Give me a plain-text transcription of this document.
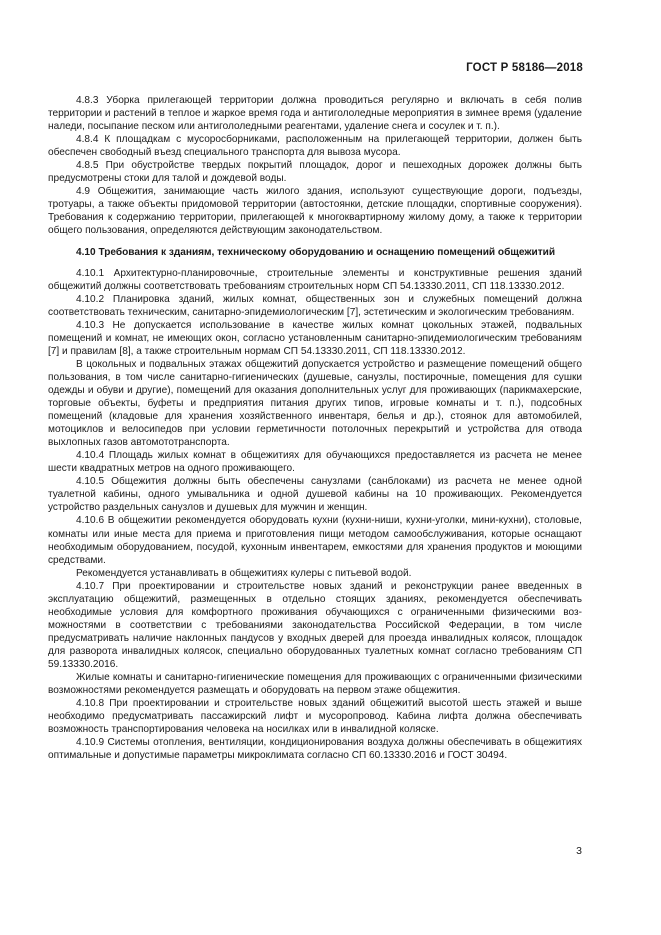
ГОСТ Р 58186—2018

4.8.3 Уборка прилегающей территории должна проводиться регулярно и включать в себя полив территории и растений в теплое и жаркое время года и антигололедные мероприятия в зимнее время (удаление наледи, посыпание песком или антигололедными реагентами, удаление снега и сосулек и т. п.).

4.8.4 К площадкам с мусоросборниками, расположенным на прилегающей территории, должен быть обеспечен свободный въезд специального транспорта для вывоза мусора.

4.8.5 При обустройстве твердых покрытий площадок, дорог и пешеходных дорожек должны быть предусмотрены стоки для талой и дождевой воды.

4.9 Общежития, занимающие часть жилого здания, используют существующие дороги, подъезды, тротуары, а также объекты придомовой территории (автостоянки, детские площадки, спортивные сооружения). Требования к содержанию территории, прилегающей к многоквартирному жилому дому, а также к территории общего пользования, определяются действующим законодательством.

4.10 Требования к зданиям, техническому оборудованию и оснащению помещений общежитий

4.10.1 Архитектурно-планировочные, строительные элементы и конструктивные решения зданий общежитий должны соответствовать требованиям строительных норм СП 54.13330.2011, СП 118.13330.2012.

4.10.2 Планировка зданий, жилых комнат, общественных зон и служебных помещений должна соответствовать техническим, санитарно-эпидемиологическим [7], эстетическим и экологическим требованиям.

4.10.3 Не допускается использование в качестве жилых комнат цокольных этажей, подвальных помещений и комнат, не имеющих окон, согласно установленным санитарно-эпидемиологическим требованиям [7] и правилам [8], а также строительным нормам СП 54.13330.2011, СП 118.13330.2012.

В цокольных и подвальных этажах общежитий допускается устройство и размещение помещений общего пользования, в том числе санитарно-гигиенических (душевые, санузлы, постирочные, помещения для сушки одежды и обуви и другие), помещений для оказания дополнительных услуг для проживающих (парикмахерские, торговые объекты, буфеты и предприятия питания других типов, игровые комнаты и т. п.), подсобных помещений (кладовые для хранения хозяйственного инвентаря, белья и др.), стоянок для автомобилей, мотоциклов и велосипедов при условии герметичности потолочных перекрытий и устройства для отвода выхлопных газов автомототранспорта.

4.10.4 Площадь жилых комнат в общежитиях для обучающихся предоставляется из расчета не менее шести квадратных метров на одного проживающего.

4.10.5 Общежития должны быть обеспечены санузлами (санблоками) из расчета не менее одной туалетной кабины, одного умывальника и одной душевой кабины на 10 проживающих. Рекомендуется устройство раздельных санузлов и душевых для мужчин и женщин.

4.10.6 В общежитии рекомендуется оборудовать кухни (кухни-ниши, кухни-уголки, мини-кухни), столовые, комнаты или иные места для приема и приготовления пищи методом самообслуживания, которые оснащают необходимым оборудованием, посудой, кухонным инвентарем, емкостями для хранения продуктов и моющими средствами.

Рекомендуется устанавливать в общежитиях кулеры с питьевой водой.

4.10.7 При проектировании и строительстве новых зданий и реконструкции ранее введенных в эксплуатацию общежитий, размещенных в отдельно стоящих зданиях, рекомендуется обеспечивать необходимые условия для комфортного проживания обучающихся с ограниченными физическими возможностями в соответствии с требованиями законодательства Российской Федерации, в том числе предусматривать наличие наклонных пандусов у входных дверей для проезда инвалидных колясок, площадок для разворота инвалидных колясок, специально оборудованных туалетных комнат согласно требованиям СП 59.13330.2016.

Жилые комнаты и санитарно-гигиенические помещения для проживающих с ограниченными физическими возможностями рекомендуется размещать и оборудовать на первом этаже общежития.

4.10.8 При проектировании и строительстве новых зданий общежитий высотой шесть этажей и выше необходимо предусматривать пассажирский лифт и мусоропровод. Кабина лифта должна обеспечивать возможность транспортирования человека на носилках или в инвалидной коляске.

4.10.9 Системы отопления, вентиляции, кондиционирования воздуха должны обеспечивать в общежитиях оптимальные и допустимые параметры микроклимата согласно СП 60.13330.2016 и ГОСТ 30494.

3
